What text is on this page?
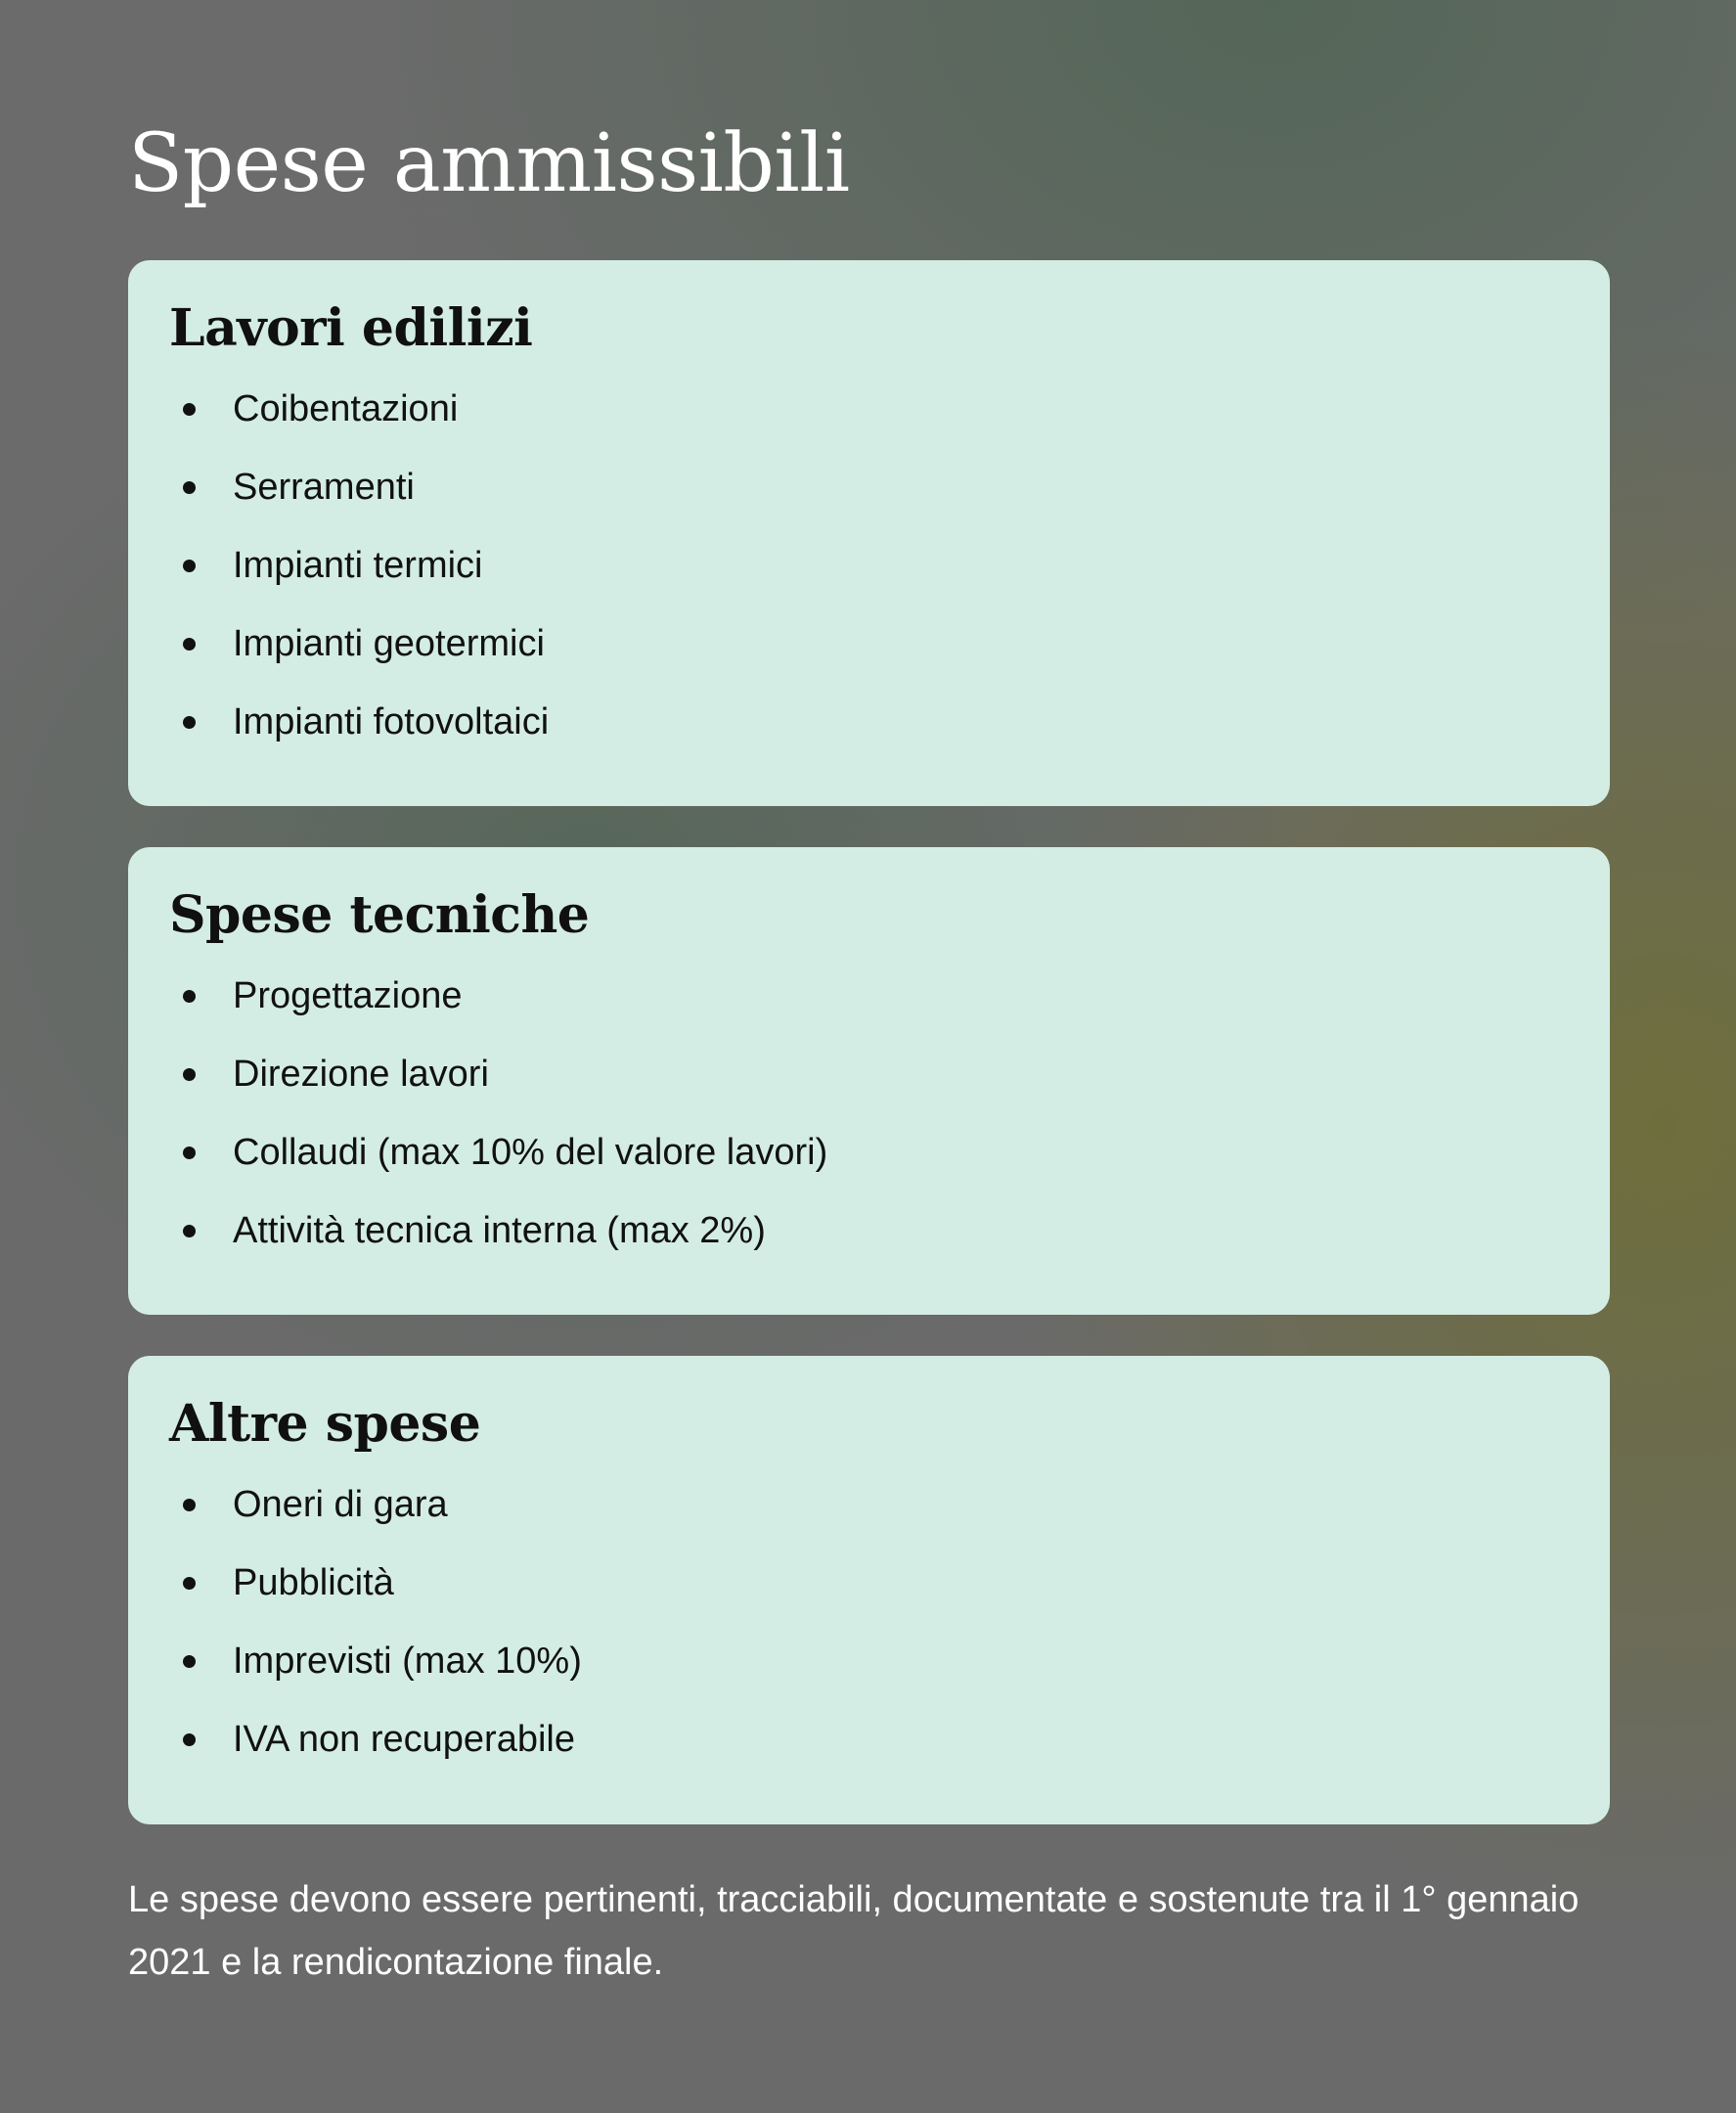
Spese ammissibili
Lavori edilizi
Coibentazioni
Serramenti
Impianti termici
Impianti geotermici
Impianti fotovoltaici
Spese tecniche
Progettazione
Direzione lavori
Collaudi (max 10% del valore lavori)
Attività tecnica interna (max 2%)
Altre spese
Oneri di gara
Pubblicità
Imprevisti (max 10%)
IVA non recuperabile

Le spese devono essere pertinenti, tracciabili, documentate e sostenute tra il 1° gennaio 2021 e la rendicontazione finale.
